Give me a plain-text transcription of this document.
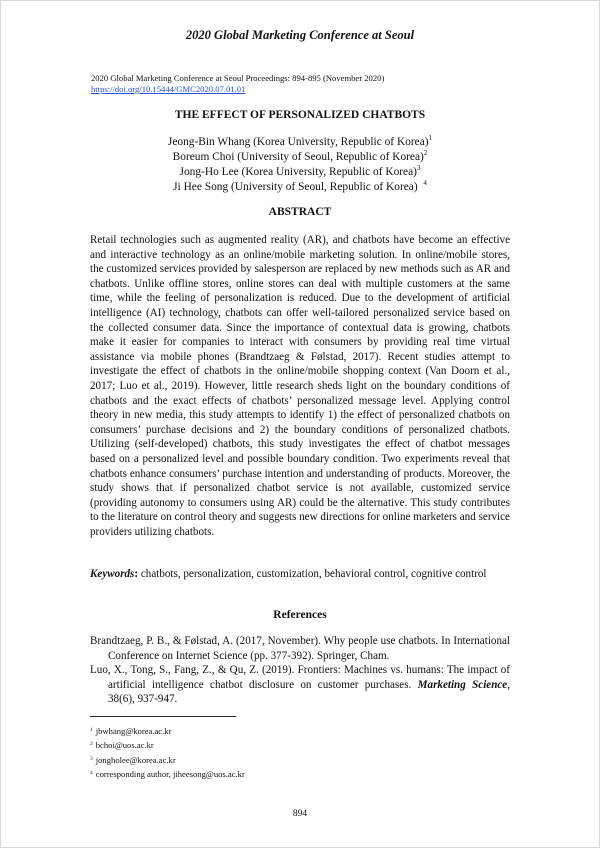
2020 Global Marketing Conference at Seoul
2020 Global Marketing Conference at Seoul Proceedings: 894-895 (November 2020)
https://doi.org/10.15444/GMC2020.07.01.01
THE EFFECT OF PERSONALIZED CHATBOTS
Jeong-Bin Whang (Korea University, Republic of Korea)$^1$
Boreum Choi (University of Seoul, Republic of Korea)$^2$
Jong-Ho Lee (Korea University, Republic of Korea)$^3$
Ji Hee Song (University of Seoul, Republic of Korea) $^4$
ABSTRACT
Retail technologies such as augmented reality (AR), and chatbots have become an effective and interactive technology as an online/mobile marketing solution. In online/mobile stores, the customized services provided by salesperson are replaced by new methods such as AR and chatbots. Unlike offline stores, online stores can deal with multiple customers at the same time, while the feeling of personalization is reduced. Due to the development of artificial intelligence (AI) technology, chatbots can offer well-tailored personalized service based on the collected consumer data. Since the importance of contextual data is growing, chatbots make it easier for companies to interact with consumers by providing real time virtual assistance via mobile phones (Brandtzaeg & Følstad, 2017). Recent studies attempt to investigate the effect of chatbots in the online/mobile shopping context (Van Doorn et al., 2017; Luo et al., 2019). However, little research sheds light on the boundary conditions of chatbots and the exact effects of chatbots’ personalized message level. Applying control theory in new media, this study attempts to identify 1) the effect of personalized chatbots on consumers’ purchase decisions and 2) the boundary conditions of personalized chatbots. Utilizing (self-developed) chatbots, this study investigates the effect of chatbot messages based on a personalized level and possible boundary condition. Two experiments reveal that chatbots enhance consumers’ purchase intention and understanding of products. Moreover, the study shows that if personalized chatbot service is not available, customized service (providing autonomy to consumers using AR) could be the alternative. This study contributes to the literature on control theory and suggests new directions for online marketers and service providers utilizing chatbots.
Keywords: chatbots, personalization, customization, behavioral control, cognitive control
References
Brandtzaeg, P. B., & Følstad, A. (2017, November). Why people use chatbots. In International Conference on Internet Science (pp. 377-392). Springer, Cham.
Luo, X., Tong, S., Fang, Z., & Qu, Z. (2019). Frontiers: Machines vs. humans: The impact of artificial intelligence chatbot disclosure on customer purchases. Marketing Science, 38(6), 937-947.
$^1$ jbwhang@korea.ac.kr
$^2$ bchoi@uos.ac.kr
$^3$ jongholee@korea.ac.kr
$^4$ corresponding author, jiheesong@uos.ac.kr
894
